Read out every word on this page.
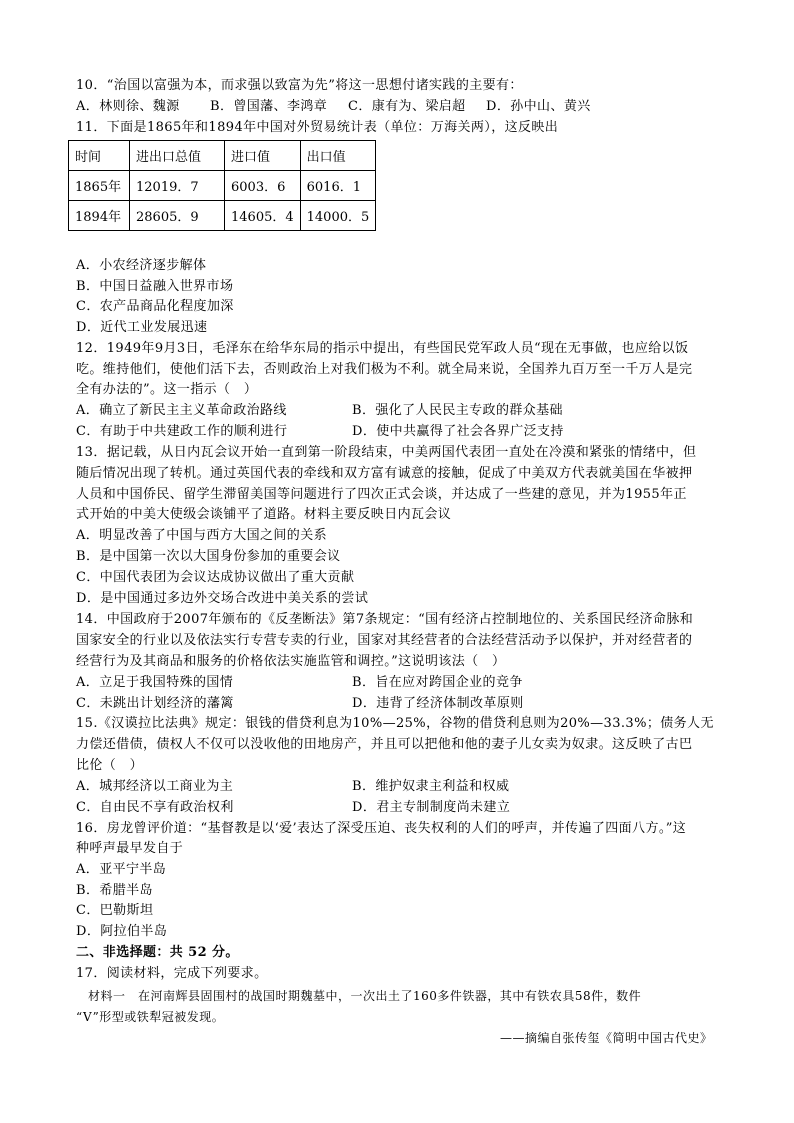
10．“治国以富强为本，而求强以致富为先”将这一思想付诸实践的主要有：
A．林则徐、魏源 B．曾国藩、李鸿章 C．康有为、梁启超 D．孙中山、黄兴
11．下面是1865年和1894年中国对外贸易统计表（单位：万海关两），这反映出
时间	进出口总值	进口值	出口值
1865年	12019．7	6003．6	6016．1
1894年	28605．9	14605．4	14000．5
A．小农经济逐步解体
B．中国日益融入世界市场
C．农产品商品化程度加深
D．近代工业发展迅速
12．1949年9月3日，毛泽东在给华东局的指示中提出，有些国民党军政人员“现在无事做，也应给以饭
吃。维持他们，使他们活下去，否则政治上对我们极为不利。就全局来说，全国养九百万至一千万人是完
全有办法的”。这一指示（　）
A．确立了新民主主义革命政治路线	B．强化了人民民主专政的群众基础
C．有助于中共建政工作的顺利进行	D．使中共赢得了社会各界广泛支持
13．据记载，从日内瓦会议开始一直到第一阶段结束，中美两国代表团一直处在冷漠和紧张的情绪中，但
随后情况出现了转机。通过英国代表的牵线和双方富有诚意的接触，促成了中美双方代表就美国在华被押
人员和中国侨民、留学生滞留美国等问题进行了四次正式会谈，并达成了一些建的意见，并为1955年正
式开始的中美大使级会谈铺平了道路。材料主要反映日内瓦会议
A．明显改善了中国与西方大国之间的关系
B．是中国第一次以大国身份参加的重要会议
C．中国代表团为会议达成协议做出了重大贡献
D．是中国通过多边外交场合改进中美关系的尝试
14．中国政府于2007年颁布的《反垄断法》第7条规定：“国有经济占控制地位的、关系国民经济命脉和
国家安全的行业以及依法实行专营专卖的行业，国家对其经营者的合法经营活动予以保护，并对经营者的
经营行为及其商品和服务的价格依法实施监管和调控。”这说明该法（　）
A．立足于我国特殊的国情	B．旨在应对跨国企业的竞争
C．未跳出计划经济的藩篱	D．违背了经济体制改革原则
15.《汉谟拉比法典》规定：银钱的借贷利息为10%—25%，谷物的借贷利息则为20%—33.3%；债务人无
力偿还借债，债权人不仅可以没收他的田地房产，并且可以把他和他的妻子儿女卖为奴隶。这反映了古巴
比伦（　）
A．城邦经济以工商业为主	B．维护奴隶主利益和权威
C．自由民不享有政治权利	D．君主专制制度尚未建立
16．房龙曾评价道：“基督教是以‘爱’表达了深受压迫、丧失权利的人们的呼声，并传遍了四面八方。”这
种呼声最早发自于
A．亚平宁半岛
B．希腊半岛
C．巴勒斯坦
D．阿拉伯半岛
二、非选择题：共 52 分。
17．阅读材料，完成下列要求。
材料一　在河南辉县固围村的战国时期魏墓中，一次出土了160多件铁器，其中有铁农具58件，数件
“V”形型或铁犁冠被发现。
——摘编自张传玺《简明中国古代史》
